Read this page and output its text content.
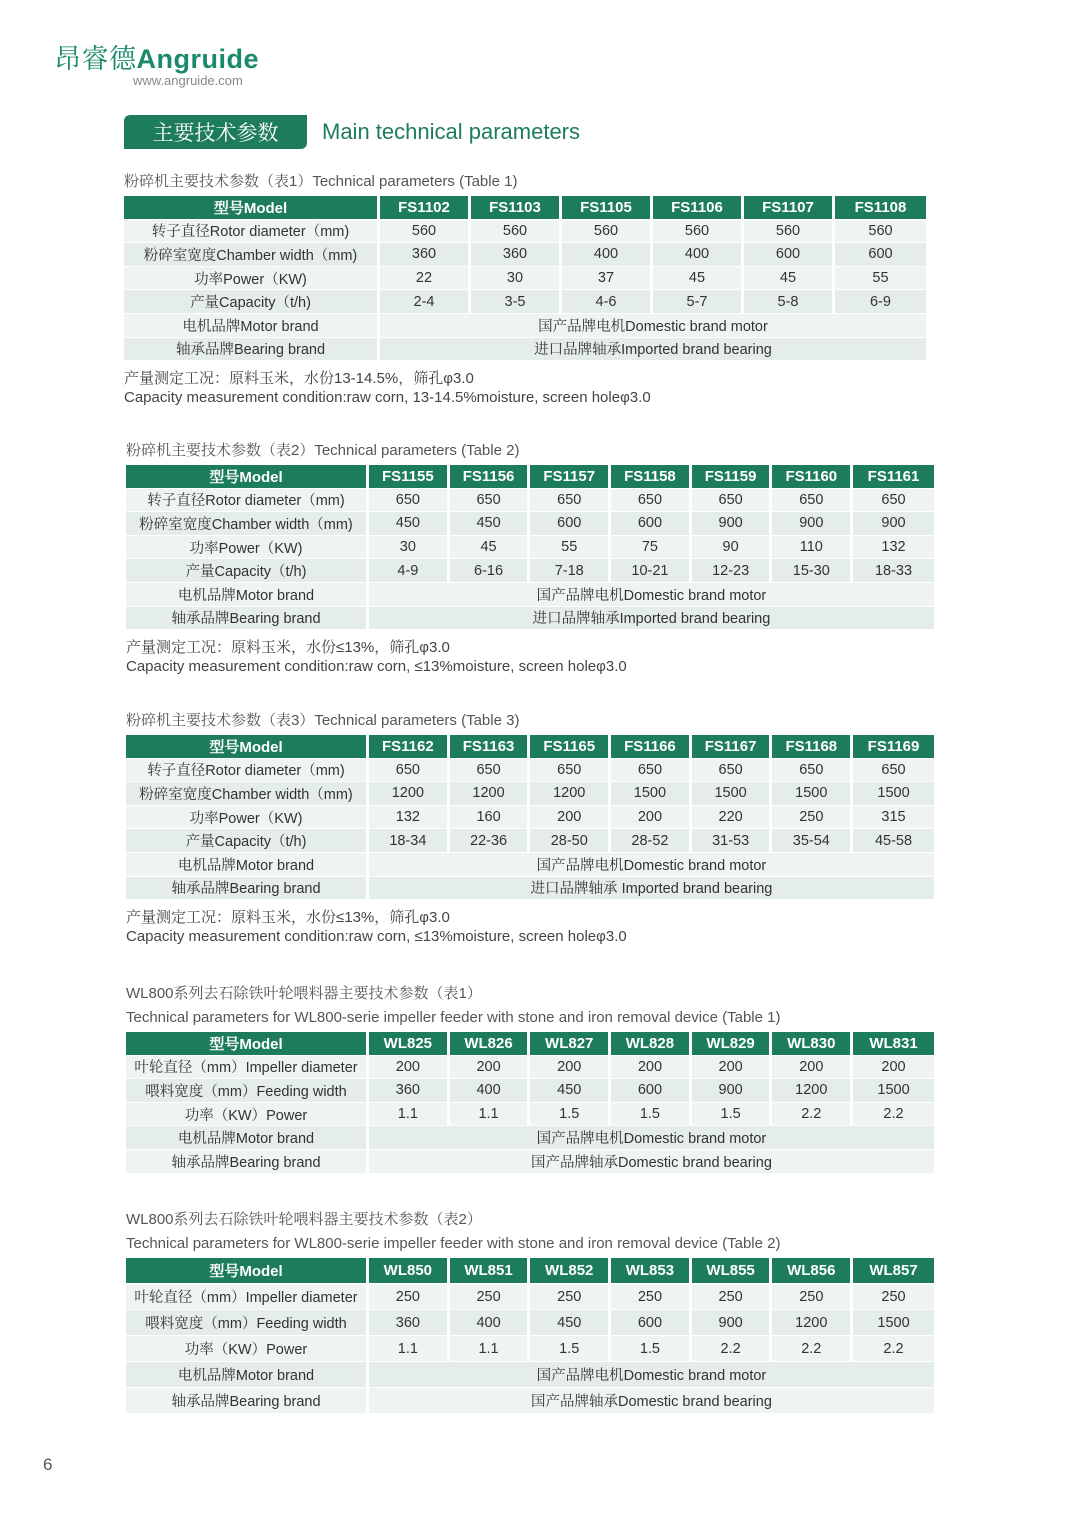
昂睿德Angruide
www.angruide.com
主要技术参数	Main technical parameters
粉碎机主要技术参数（表1）Technical parameters (Table 1)
型号Model	FS1102	FS1103	FS1105	FS1106	FS1107	FS1108
转子直径Rotor diameter（mm)	560	560	560	560	560	560
粉碎室宽度Chamber width（mm)	360	360	400	400	600	600
功率Power（KW)	22	30	37	45	45	55
产量Capacity（t/h)	2-4	3-5	4-6	5-7	5-8	6-9
电机品牌Motor brand	国产品牌电机Domestic brand motor					
轴承品牌Bearing brand	进口品牌轴承Imported brand bearing					
产量测定工况：原料玉米，水份13-14.5%，筛孔φ3.0
Capacity measurement condition:raw corn, 13-14.5%moisture, screen holeφ3.0
粉碎机主要技术参数（表2）Technical parameters (Table 2)
型号Model	FS1155	FS1156	FS1157	FS1158	FS1159	FS1160	FS1161
转子直径Rotor diameter（mm)	650	650	650	650	650	650	650
粉碎室宽度Chamber width（mm)	450	450	600	600	900	900	900
功率Power（KW)	30	45	55	75	90	110	132
产量Capacity（t/h)	4-9	6-16	7-18	10-21	12-23	15-30	18-33
电机品牌Motor brand	国产品牌电机Domestic brand motor						
轴承品牌Bearing brand	进口品牌轴承Imported brand bearing						
产量测定工况：原料玉米，水份≤13%，筛孔φ3.0
Capacity measurement condition:raw corn, ≤13%moisture, screen holeφ3.0
粉碎机主要技术参数（表3）Technical parameters (Table 3)
型号Model	FS1162	FS1163	FS1165	FS1166	FS1167	FS1168	FS1169
转子直径Rotor diameter（mm)	650	650	650	650	650	650	650
粉碎室宽度Chamber width（mm)	1200	1200	1200	1500	1500	1500	1500
功率Power（KW)	132	160	200	200	220	250	315
产量Capacity（t/h)	18-34	22-36	28-50	28-52	31-53	35-54	45-58
电机品牌Motor brand	国产品牌电机Domestic brand motor						
轴承品牌Bearing brand	进口品牌轴承 Imported brand bearing						
产量测定工况：原料玉米，水份≤13%，筛孔φ3.0
Capacity measurement condition:raw corn, ≤13%moisture, screen holeφ3.0
WL800系列去石除铁叶轮喂料器主要技术参数（表1）
Technical parameters for WL800-serie impeller feeder with stone and iron removal device (Table 1)
型号Model	WL825	WL826	WL827	WL828	WL829	WL830	WL831
叶轮直径（mm）Impeller diameter	200	200	200	200	200	200	200
喂料宽度（mm）Feeding width	360	400	450	600	900	1200	1500
功率（KW）Power	1.1	1.1	1.5	1.5	1.5	2.2	2.2
电机品牌Motor brand	国产品牌电机Domestic brand motor						
轴承品牌Bearing brand	国产品牌轴承Domestic brand bearing						
WL800系列去石除铁叶轮喂料器主要技术参数（表2）
Technical parameters for WL800-serie impeller feeder with stone and iron removal device (Table 2)
型号Model	WL850	WL851	WL852	WL853	WL855	WL856	WL857
叶轮直径（mm）Impeller diameter	250	250	250	250	250	250	250
喂料宽度（mm）Feeding width	360	400	450	600	900	1200	1500
功率（KW）Power	1.1	1.1	1.5	1.5	2.2	2.2	2.2
电机品牌Motor brand	国产品牌电机Domestic brand motor						
轴承品牌Bearing brand	国产品牌轴承Domestic brand bearing						
6
